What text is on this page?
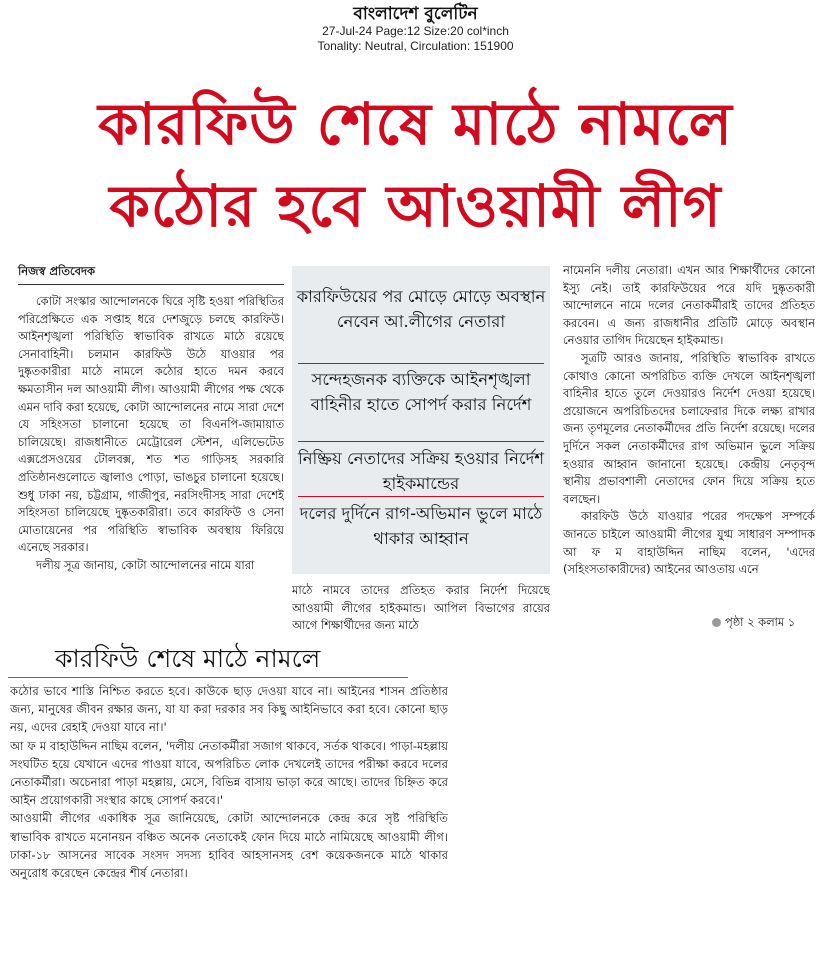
বাংলাদেশ বুলেটিন
27-Jul-24 Page:12 Size:20 col*inch
Tonality: Neutral, Circulation: 151900
কারফিউ শেষে মাঠে নামলে
কঠোর হবে আওয়ামী লীগ
নিজস্ব প্রতিবেদক

কোটা সংস্কার আন্দোলনকে ঘিরে সৃষ্টি হওয়া পরিস্থিতির পরিপ্রেক্ষিতে এক সপ্তাহ ধরে দেশজুড়ে চলছে কারফিউ। আইনশৃঙ্খলা পরিস্থিতি স্বাভাবিক রাখতে মাঠে রয়েছে সেনাবাহিনী। চলমান কারফিউ উঠে যাওয়ার পর দুষ্কৃতকারীরা মাঠে নামলে কঠোর হাতে দমন করবে ক্ষমতাসীন দল আওয়ামী লীগ। আওয়ামী লীগের পক্ষ থেকে এমন দাবি করা হয়েছে, কোটা আন্দোলনের নামে সারা দেশে যে সহিংসতা চালানো হয়েছে তা বিএনপি-জামায়াত চালিয়েছে। রাজধানীতে মেট্রোরেল স্টেশন, এলিভেটেড এক্সপ্রেসওয়ের টোলবক্স, শত শত গাড়িসহ সরকারি প্রতিষ্ঠানগুলোতে জ্বালাও পোড়া, ভাঙচুর চালানো হয়েছে। শুধু ঢাকা নয়, চট্টগ্রাম, গাজীপুর, নরসিংদীসহ সারা দেশেই সহিংসতা চালিয়েছে দুষ্কৃতকারীরা। তবে কারফিউ ও সেনা মোতায়েনের পর পরিস্থিতি স্বাভাবিক অবস্থায় ফিরিয়ে এনেছে সরকার।

দলীয় সূত্র জানায়, কোটা আন্দোলনের নামে যারা

কারফিউয়ের পর মোড়ে মোড়ে অবস্থান নেবেন আ.লীগের নেতারা
সন্দেহজনক ব্যক্তিকে আইনশৃঙ্খলা বাহিনীর হাতে সোপর্দ করার নির্দেশ
নিষ্ক্রিয় নেতাদের সক্রিয় হওয়ার নির্দেশ হাইকমান্ডের
দলের দুর্দিনে রাগ-অভিমান ভুলে মাঠে থাকার আহ্বান

মাঠে নামবে তাদের প্রতিহত করার নির্দেশ দিয়েছে আওয়ামী লীগের হাইকমান্ড। আপিল বিভাগের রায়ের আগে শিক্ষার্থীদের জন্য মাঠে

নামেননি দলীয় নেতারা। এখন আর শিক্ষার্থীদের কোনো ইস্যু নেই। তাই কারফিউয়ের পরে যদি দুষ্কৃতকারী আন্দোলনে নামে দলের নেতাকর্মীরাই তাদের প্রতিহত করবেন। এ জন্য রাজধানীর প্রতিটি মোড়ে অবস্থান নেওয়ার তাগিদ দিয়েছেন হাইকমান্ড।

সূত্রটি আরও জানায়, পরিস্থিতি স্বাভাবিক রাখতে কোথাও কোনো অপরিচিত ব্যক্তি দেখলে আইনশৃঙ্খলা বাহিনীর হাতে তুলে দেওয়ারও নির্দেশ দেওয়া হয়েছে। প্রয়োজনে অপরিচিতদের চলাফেরার দিকে লক্ষ্য রাখার জন্য তৃণমূলের নেতাকর্মীদের প্রতি নির্দেশ রয়েছে। দলের দুর্দিনে সকল নেতাকর্মীদের রাগ অভিমান ভুলে সক্রিয় হওয়ার আহ্বান জানানো হয়েছে। কেন্দ্রীয় নেতৃবৃন্দ স্থানীয় প্রভাবশালী নেতাদের ফোন দিয়ে সক্রিয় হতে বলছেন।

কারফিউ উঠে যাওয়ার পরের পদক্ষেপ সম্পর্কে জানতে চাইলে আওয়ামী লীগের যুগ্ম সাধারণ সম্পাদক আ ফ ম বাহাউদ্দিন নাছিম বলেন, 'এদের (সহিংসতাকারীদের) আইনের আওতায় এনে

পৃষ্ঠা ২ কলাম ১
কারফিউ শেষে মাঠে নামলে

কঠোর ভাবে শাস্তি নিশ্চিত করতে হবে। কাউকে ছাড় দেওয়া যাবে না। আইনের শাসন প্রতিষ্ঠার জন্য, মানুষের জীবন রক্ষার জন্য, যা যা করা দরকার সব কিছু আইনিভাবে করা হবে। কোনো ছাড় নয়, এদের রেহাই দেওয়া যাবে না।'

আ ফ ম বাহাউদ্দিন নাছিম বলেন, 'দলীয় নেতাকর্মীরা সজাগ থাকবে, সর্তক থাকবে। পাড়া-মহল্লায় সংঘটিত হয়ে যেখানে এদের পাওয়া যাবে, অপরিচিত লোক দেখলেই তাদের পরীক্ষা করবে দলের নেতাকর্মীরা। অচেনারা পাড়া মহল্লায়, মেসে, বিভিন্ন বাসায় ভাড়া করে আছে। তাদের চিহ্নিত করে আইন প্রয়োগকারী সংস্থার কাছে সোপর্দ করবে।'

আওয়ামী লীগের একাধিক সূত্র জানিয়েছে, কোটা আন্দোলনকে কেন্দ্র করে সৃষ্ট পরিস্থিতি স্বাভাবিক রাখতে মনোনয়ন বঞ্চিত অনেক নেতাকেই ফোন দিয়ে মাঠে নামিয়েছে আওয়ামী লীগ। ঢাকা-১৮ আসনের সাবেক সংসদ সদস্য হাবিব আহসানসহ বেশ কয়েকজনকে মাঠে থাকার অনুরোধ করেছেন কেন্দ্রের শীর্ষ নেতারা।
